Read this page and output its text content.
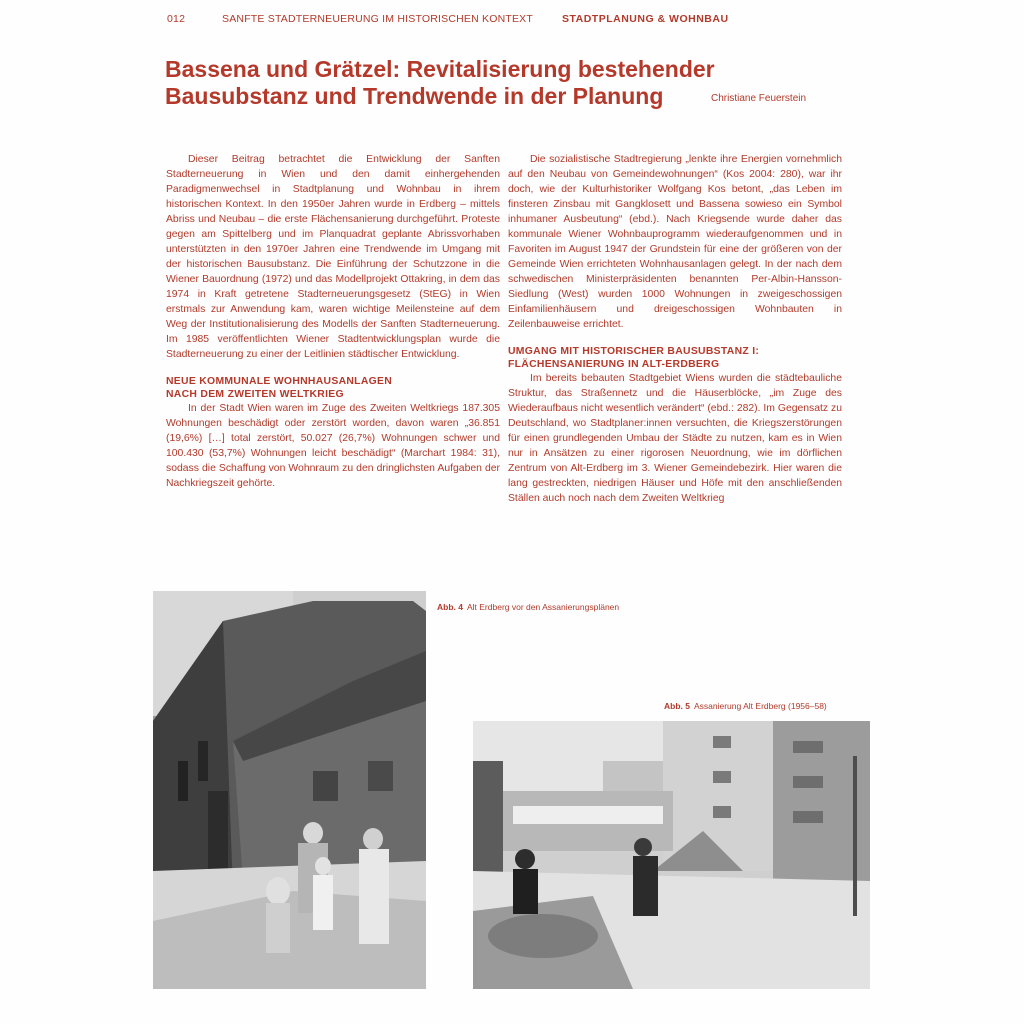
012	SANFTE STADTERNEUERUNG IM HISTORISCHEN KONTEXT	STADTPLANUNG & WOHNBAU
Bassena und Grätzel: Revitalisierung bestehender
Bausubstanz und Trendwende in der Planung	Christiane Feuerstein

Dieser Beitrag betrachtet die Entwicklung der Sanften Stadterneuerung in Wien und den damit einhergehenden Paradigmenwechsel in Stadtplanung und Wohnbau in ihrem historischen Kontext. In den 1950er Jahren wurde in Erdberg – mittels Abriss und Neubau – die erste Flächensanierung durchgeführt. Proteste gegen am Spittelberg und im Planquadrat geplante Abrissvorhaben unterstützten in den 1970er Jahren eine Trendwende im Umgang mit der historischen Bausubstanz. Die Einführung der Schutzzone in die Wiener Bauordnung (1972) und das Modellprojekt Ottakring, in dem das 1974 in Kraft getretene Stadterneuerungsgesetz (StEG) in Wien erstmals zur Anwendung kam, waren wichtige Meilensteine auf dem Weg der Institutionalisierung des Modells der Sanften Stadterneuerung. Im 1985 veröffentlichten Wiener Stadtentwicklungsplan wurde die Stadterneuerung zu einer der Leitlinien städtischer Entwicklung.

NEUE KOMMUNALE WOHNHAUSANLAGEN
NACH DEM ZWEITEN WELTKRIEG

In der Stadt Wien waren im Zuge des Zweiten Weltkriegs 187.305 Wohnungen beschädigt oder zerstört worden, davon waren „36.851 (19,6%) […] total zerstört, 50.027 (26,7%) Wohnungen schwer und 100.430 (53,7%) Wohnungen leicht beschädigt“ (Marchart 1984: 31), sodass die Schaffung von Wohnraum zu den dringlichsten Aufgaben der Nachkriegszeit gehörte.

Die sozialistische Stadtregierung „lenkte ihre Energien vornehmlich auf den Neubau von Gemeindewohnungen“ (Kos 2004: 280), war ihr doch, wie der Kulturhistoriker Wolfgang Kos betont, „das Leben im finsteren Zinsbau mit Gangklosett und Bassena sowieso ein Symbol inhumaner Ausbeutung“ (ebd.). Nach Kriegsende wurde daher das kommunale Wiener Wohnbauprogramm wiederaufgenommen und in Favoriten im August 1947 der Grundstein für eine der größeren von der Gemeinde Wien errichteten Wohnhausanlagen gelegt. In der nach dem schwedischen Ministerpräsidenten benannten Per-Albin-Hansson-Siedlung (West) wurden 1000 Wohnungen in zweigeschossigen Einfamilienhäusern und dreigeschossigen Wohnbauten in Zeilenbauweise errichtet.

UMGANG MIT HISTORISCHER BAUSUBSTANZ I:
FLÄCHENSANIERUNG IN ALT-ERDBERG

Im bereits bebauten Stadtgebiet Wiens wurden die städtebauliche Struktur, das Straßennetz und die Häuserblöcke, „im Zuge des Wiederaufbaus nicht wesentlich verändert“ (ebd.: 282). Im Gegensatz zu Deutschland, wo Stadtplaner:innen versuchten, die Kriegszerstörungen für einen grundlegenden Umbau der Städte zu nutzen, kam es in Wien nur in Ansätzen zu einer rigorosen Neuordnung, wie im dörflichen Zentrum von Alt-Erdberg im 3. Wiener Gemeindebezirk. Hier waren die lang gestreckten, niedrigen Häuser und Höfe mit den anschließenden Ställen auch noch nach dem Zweiten Weltkrieg

Abb. 4 Alt Erdberg vor den Assanierungsplänen
Abb. 5 Assanierung Alt Erdberg (1956–58)
